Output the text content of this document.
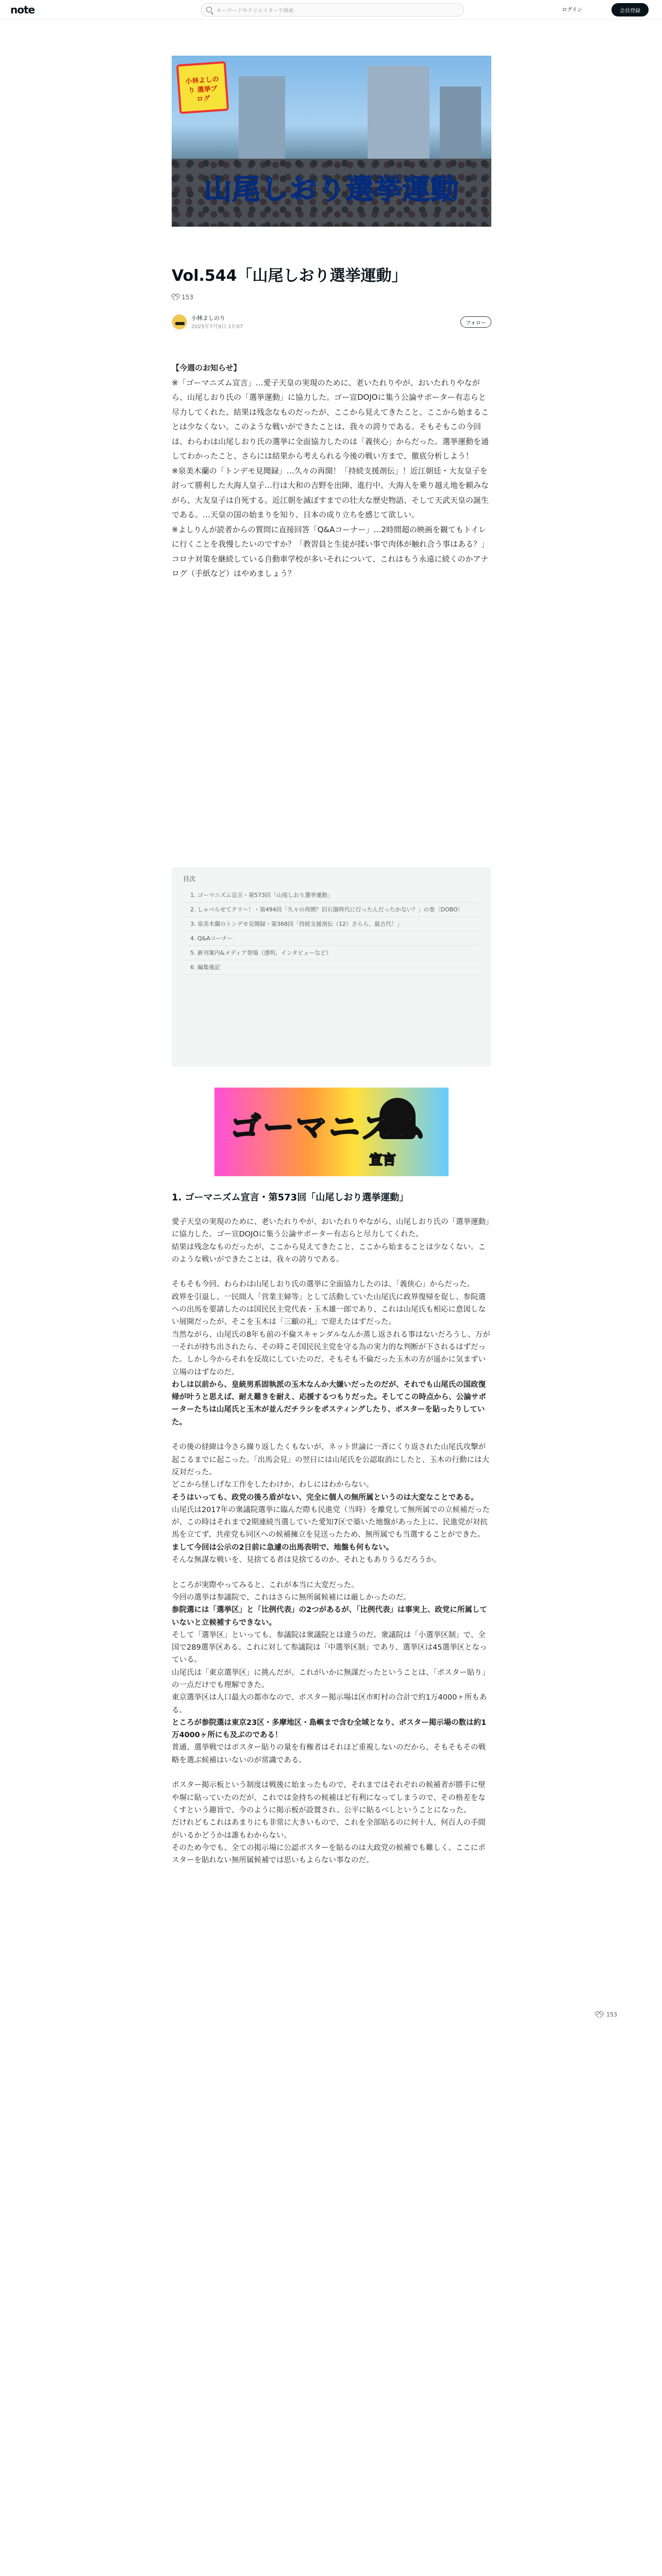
note	キーワードやクリエイターで検索	ログイン	会員登録
小林よしのり 選挙ブログ
山尾しおり選挙運動
Vol.544「山尾しおり選挙運動」
153
小林よしのり
2025年7月9日 17:07
フォロー

【今週のお知らせ】

※「ゴーマニズム宣言」…愛子天皇の実現のために、老いたれりやが、おいたれりやながら、山尾しおり氏の「選挙運動」に協力した。ゴー宣DOJOに集う公論サポーター有志らと尽力してくれた。結果は残念なものだったが、ここから見えてきたこと、ここから始まることは少なくない。このような戦いができたことは、我々の誇りである。そもそもこの今回は、わらわは山尾しおり氏の選挙に全面協力したのは「義侠心」からだった。選挙運動を通してわかったこと、さらには結果から考えられる今後の戦い方まで、徹底分析しよう！

※泉美木蘭の「トンデモ見聞録」…久々の再開！「持続支援剤伝」！近江朝廷・大友皇子を討って勝利した大海人皇子…行は大和の吉野を出陣、進行中、大海人を乗り越え地を頼みながら、大友皇子は自死する。近江朝を滅ぼすまでの壮大な歴史物語、そして天武天皇の誕生である。…天皇の国の始まりを知り、日本の成り立ちを感じて欲しい。

※よしりんが読者からの質問に直接回答「Q&Aコーナー」…2時間超の映画を観てもトイレに行くことを我慢したいのですか？「教習員と生徒が揉い事で肉体が触れ合う事はある？」コロナ対策を継続している自動車学校が多いそれについて、これはもう永遠に続くのかアナログ（手紙など）はやめましょう？

目次
1. ゴーマニズム宣言・第573回「山尾しおり選挙運動」
2. しゃべらせてクリ〜！・第494回「久々の再開？旧石器時代に行ったんだったかない？」の巻〔DOBO〕
3. 泉美木蘭のトンデモ見聞録・第368回「持続支援剤伝（12）さらら、最古代！」
4. Q&Aコーナー
5. 新刊案内&メディア登場（透明、インタビューなど）
6. 編集後記
ゴーマニズム
宣言
1. ゴーマニズム宣言・第573回「山尾しおり選挙運動」

愛子天皇の実現のために、老いたれりやが、おいたれりやながら、山尾しおり氏の「選挙運動」に協力した。ゴー宣DOJOに集う公論サポーター有志らと尽力してくれた。

結果は残念なものだったが、ここから見えてきたこと、ここから始まることは少なくない。このような戦いができたことは、我々の誇りである。

そもそも今回、わらわは山尾しおり氏の選挙に全面協力したのは、「義侠心」からだった。

政界を引退し、一民間人「営業主婦等」として活動していた山尾氏に政界復帰を促し、参院選への出馬を要請したのは国民民主党代表・玉木雄一郎であり、これは山尾氏も相応に意図しない展開だったが、そこを玉木は「三顧の礼」で迎えたはずだった。

当然ながら、山尾氏の8年も前の不倫スキャンダルなんか蒸し返される事はないだろうし、万が一それが持ち出されたら、その時こそ国民民主党を守る為の実力的な判断が下されるはずだった。しかし今からそれを反故にしていたのだ、そもそも不倫だった玉木の方が遥かに気まずい立場のはずなのだ。

わしは以前から、皇統男系固執派の玉木なんか大嫌いだったのだが、それでも山尾氏の国政復帰が叶うと思えば、耐え難きを耐え、応援するつもりだった。そしてこの時点から、公論サポーターたちは山尾氏と玉木が並んだチラシをポスティングしたり、ポスターを貼ったりしていた。

その後の経緯は今さら繰り返したくもないが、ネット世論に一斉にくり返された山尾氏攻撃が起こるまでに起こった。「出馬会見」の翌日には山尾氏を公認取消にしたと、玉木の行動には大反対だった。

どこから怪しげな工作をしたわけか、わしにはわからない。

そうはいっても、政党の後ろ盾がない、完全に個人の無所属というのは大変なことである。

山尾氏は2017年の衆議院選挙に臨んだ際も民進党（当時）を離党して無所属での立候補だったが、この時はそれまで2期連続当選していた愛知7区で築いた地盤があった上に、民進党が対抗馬を立てず、共産党も同区への候補擁立を見送ったため、無所属でも当選することができた。

まして今回は公示の2日前に急遽の出馬表明で、地盤も何もない。

そんな無謀な戦いを、見捨てる者は見捨てるのか、それともありうるだろうか。

ところが実際やってみると、これが本当に大変だった。

今回の選挙は参議院で、これはさらに無所属候補には厳しかったのだ。

参院選には「選挙区」と「比例代表」の2つがあるが、「比例代表」は事実上、政党に所属していないと立候補すらできない。

そして「選挙区」といっても、参議院は衆議院とは違うのだ。衆議院は「小選挙区制」で、全国で289選挙区ある。これに対して参議院は「中選挙区制」であり、選挙区は45選挙区となっている。

山尾氏は「東京選挙区」に挑んだが、これがいかに無謀だったということは、「ポスター貼り」の一点だけでも理解できた。

東京選挙区は人口最大の都市なので、ポスター掲示場は区市町村の合計で約1万4000ヶ所もある。

ところが参院選は東京23区・多摩地区・島嶼まで含む全域となり、ポスター掲示場の数は約1万4000ヶ所にも及ぶのである！

普通、選挙戦ではポスター貼りの量を有権者はそれほど重視しないのだから、そもそもその戦略を選ぶ候補はいないのが常識である。

ポスター掲示板という制度は戦後に始まったもので、それまではそれぞれの候補者が勝手に壁や塀に貼っていたのだが、これでは金持ちの候補ほど有利になってしまうので、その格差をなくすという趣旨で、今のように掲示板が設置され、公平に貼るべしということになった。

だけれどもこれはあまりにも非常に大きいもので、これを全部貼るのに何十人、何百人の手間がいるかどうかは誰もわからない。

そのため今でも、全ての掲示場に公認ポスターを貼るのは大政党の候補でも難しく、ここにポスターを貼れない無所属候補では思いもよらない事なのだ。

153
